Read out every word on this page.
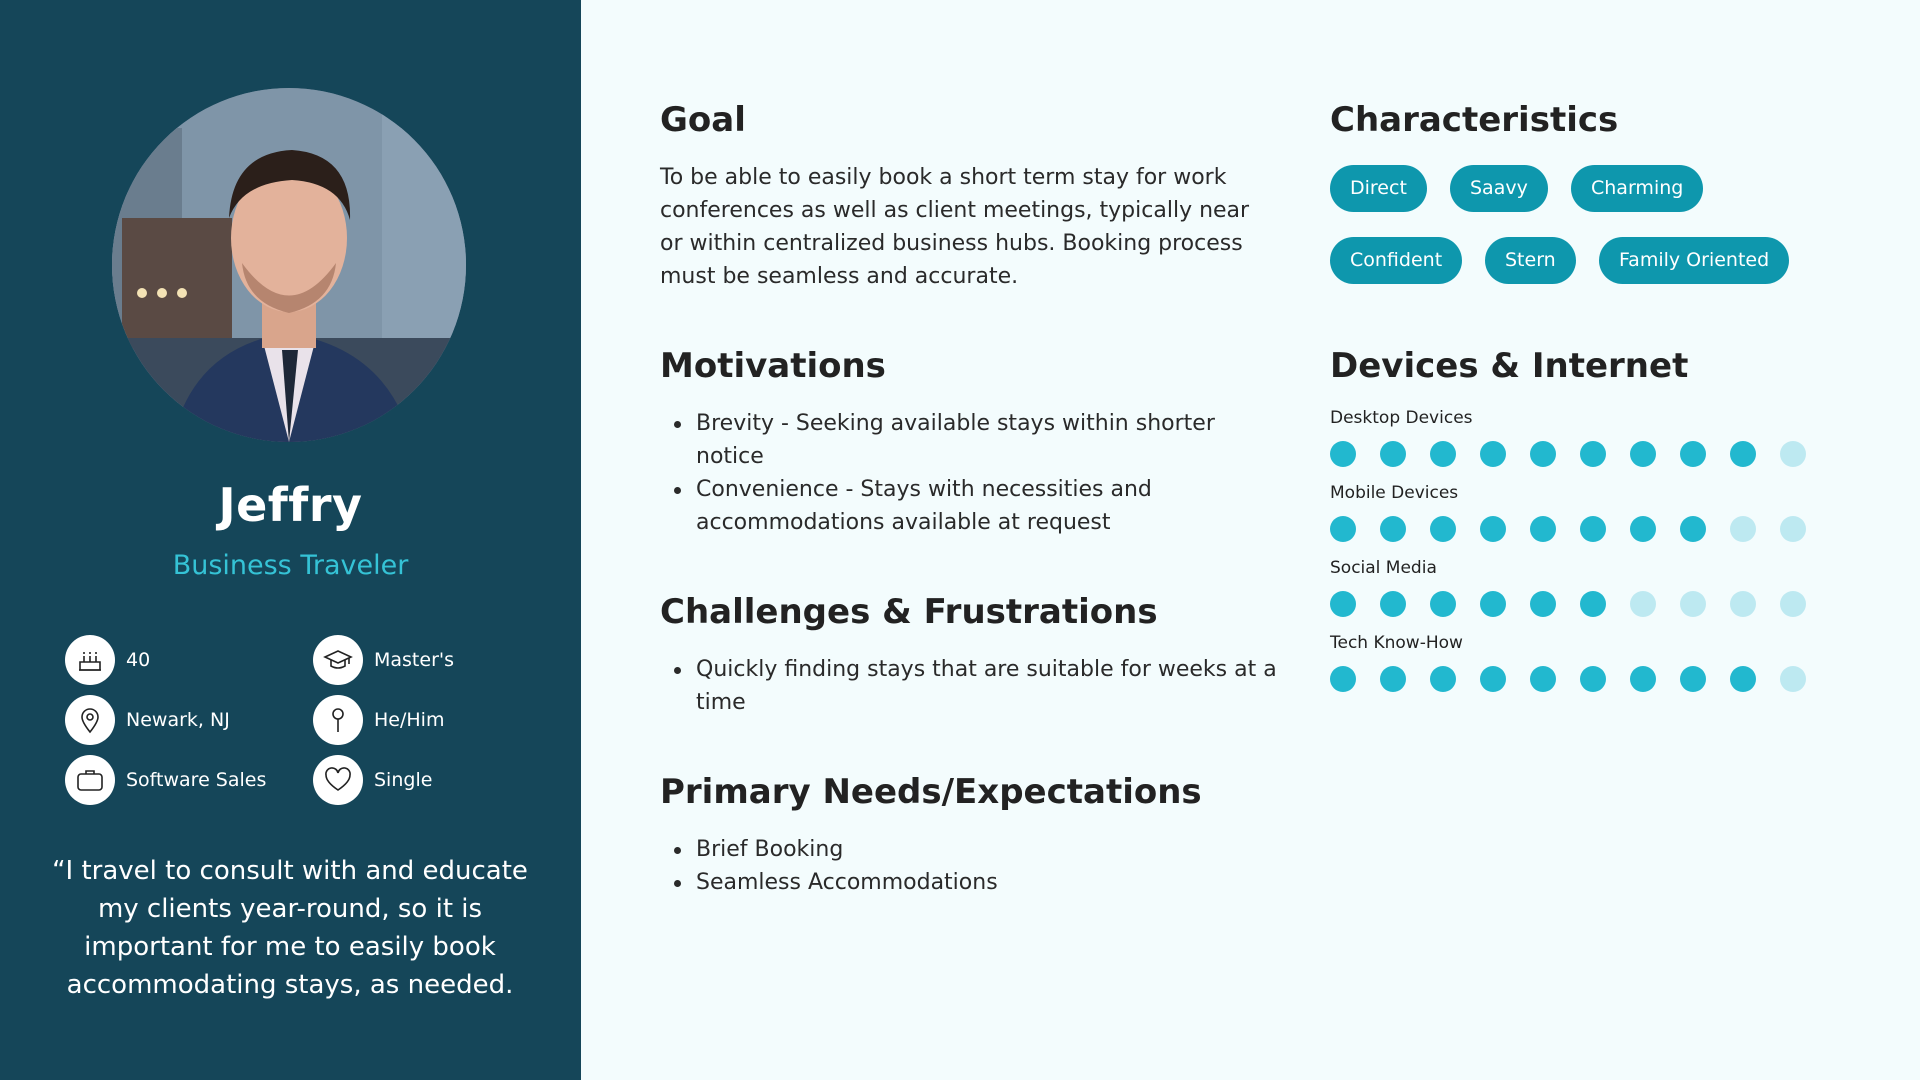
Jeffry
Business Traveler
40	Master's
Newark, NJ	He/Him
Software Sales	Single
“I travel to consult with and educate my clients year-round, so it is important for me to easily book accommodating stays, as needed.
Goal

To be able to easily book a short term stay for work conferences as well as client meetings, typically near or within centralized business hubs. Booking process must be seamless and accurate.

Motivations
Brevity - Seeking available stays within shorter notice
Convenience - Stays with necessities and accommodations available at request
Challenges & Frustrations
Quickly finding stays that are suitable for weeks at a time
Primary Needs/Expectations
Brief Booking
Seamless Accommodations
Characteristics
Direct	Saavy	Charming
Confident	Stern	Family Oriented
Devices & Internet
Desktop Devices
Mobile Devices
Social Media
Tech Know-How
